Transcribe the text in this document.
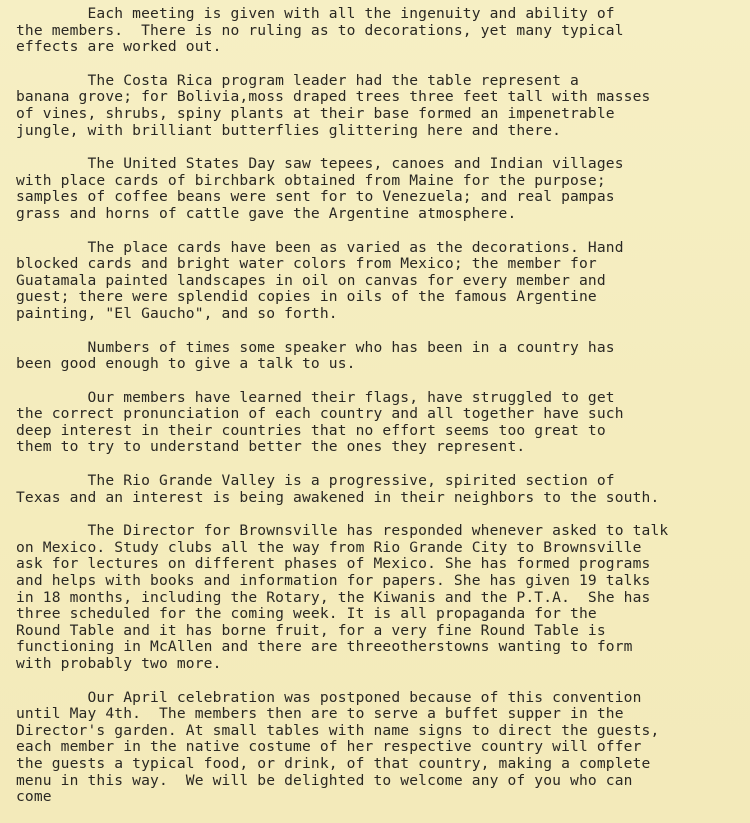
Each meeting is given with all the ingenuity and ability of
the members.  There is no ruling as to decorations, yet many typical
effects are worked out.
The Costa Rica program leader had the table represent a
banana grove; for Bolivia,moss draped trees three feet tall with masses
of vines, shrubs, spiny plants at their base formed an impenetrable
jungle, with brilliant butterflies glittering here and there.
The United States Day saw tepees, canoes and Indian villages
with place cards of birchbark obtained from Maine for the purpose;
samples of coffee beans were sent for to Venezuela; and real pampas
grass and horns of cattle gave the Argentine atmosphere.
The place cards have been as varied as the decorations. Hand
blocked cards and bright water colors from Mexico; the member for
Guatamala painted landscapes in oil on canvas for every member and
guest; there were splendid copies in oils of the famous Argentine
painting, "El Gaucho", and so forth.
Numbers of times some speaker who has been in a country has
been good enough to give a talk to us.
Our members have learned their flags, have struggled to get
the correct pronunciation of each country and all together have such
deep interest in their countries that no effort seems too great to
them to try to understand better the ones they represent.
The Rio Grande Valley is a progressive, spirited section of
Texas and an interest is being awakened in their neighbors to the south.
The Director for Brownsville has responded whenever asked to talk
on Mexico. Study clubs all the way from Rio Grande City to Brownsville
ask for lectures on different phases of Mexico. She has formed programs
and helps with books and information for papers. She has given 19 talks
in 18 months, including the Rotary, the Kiwanis and the P.T.A.  She has
three scheduled for the coming week. It is all propaganda for the
Round Table and it has borne fruit, for a very fine Round Table is
functioning in McAllen and there are threeotherstowns wanting to form
with probably two more.
Our April celebration was postponed because of this convention
until May 4th.  The members then are to serve a buffet supper in the
Director's garden. At small tables with name signs to direct the guests,
each member in the native costume of her respective country will offer
the guests a typical food, or drink, of that country, making a complete
menu in this way.  We will be delighted to welcome any of you who can
come
